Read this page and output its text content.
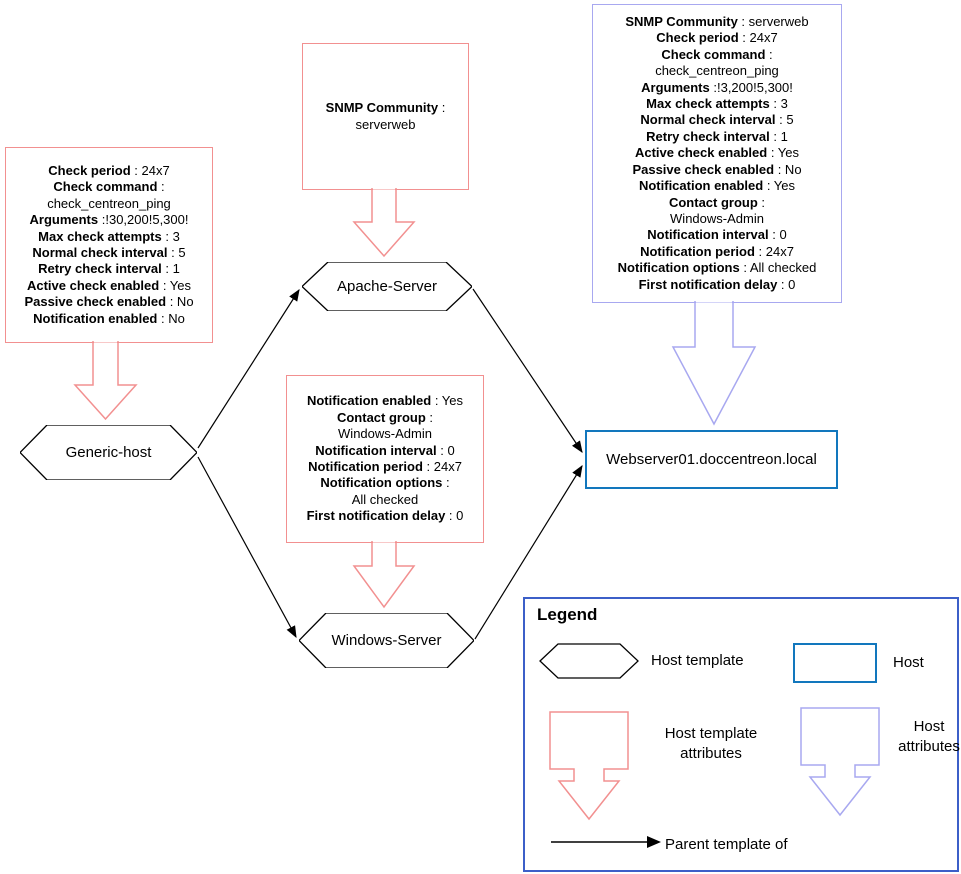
Check period : 24x7
Check command :
check_centreon_ping
Arguments :!30,200!5,300!
Max check attempts : 3
Normal check interval : 5
Retry check interval : 1
Active check enabled : Yes
Passive check enabled : No
Notification enabled : No
SNMP Community :
serverweb
SNMP Community : serverweb
Check period : 24x7
Check command :
check_centreon_ping
Arguments :!3,200!5,300!
Max check attempts : 3
Normal check interval : 5
Retry check interval : 1
Active check enabled : Yes
Passive check enabled : No
Notification enabled : Yes
Contact group :
Windows-Admin
Notification interval : 0
Notification period : 24x7
Notification options : All checked
First notification delay : 0
Notification enabled : Yes
Contact group :
Windows-Admin
Notification interval : 0
Notification period : 24x7
Notification options :
All checked
First notification delay : 0
Generic-host
Apache-Server
Windows-Server
Webserver01.doccentreon.local
Legend
Host template	Host
Host template attributes
Host attributes
Parent template of
